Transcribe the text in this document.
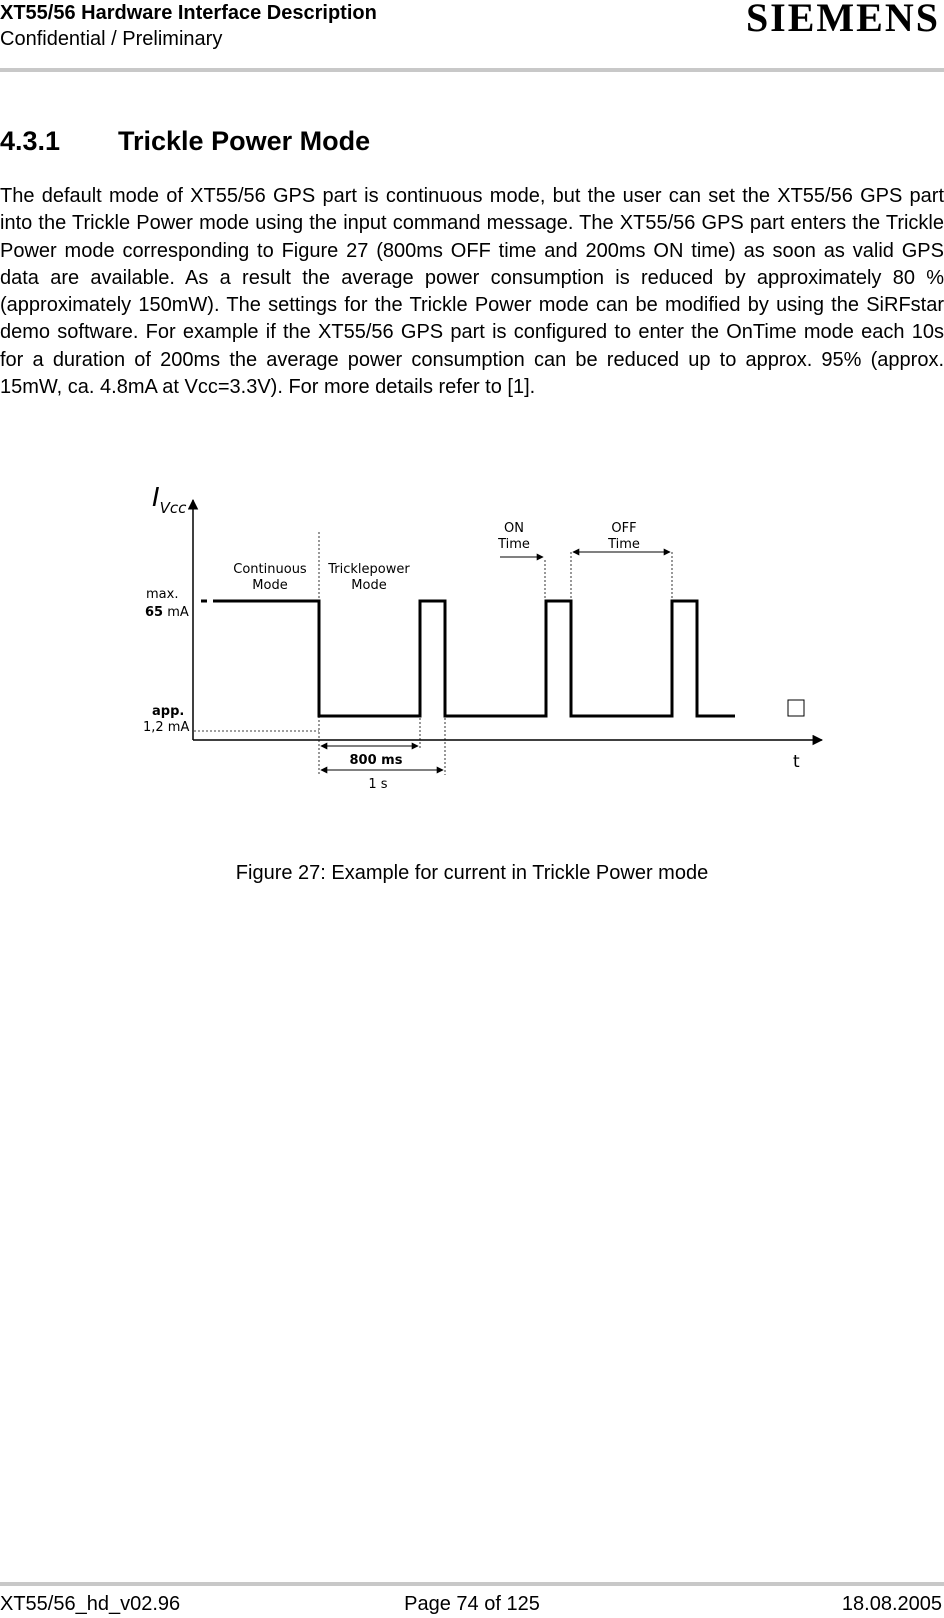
XT55/56 Hardware Interface Description
Confidential / Preliminary	SIEMENS
4.3.1 Trickle Power Mode
The default mode of XT55/56 GPS part is continuous mode, but the user can set the XT55/56 GPS part into the Trickle Power mode using the input command message. The XT55/56 GPS part enters the Trickle Power mode corresponding to Figure 27 (800ms OFF time and 200ms ON time) as soon as valid GPS data are available. As a result the average power consumption is reduced by approximately 80 % (approximately 150mW). The settings for the Trickle Power mode can be modified by using the SiRFstar demo software. For example if the XT55/56 GPS part is configured to enter the OnTime mode each 10s for a duration of 200ms the average power consumption can be reduced up to approx. 95% (approx. 15mW, ca. 4.8mA at Vcc=3.3V). For more details refer to [1].
$I_{Vcc}$
t
max.
65 mA
app.
1,2 mA
Continuous
Mode
Tricklepower
Mode
ON
Time
OFF
Time
800 ms
1 s
Figure 27: Example for current in Trickle Power mode
XT55/56_hd_v02.96	Page 74 of 125	18.08.2005
